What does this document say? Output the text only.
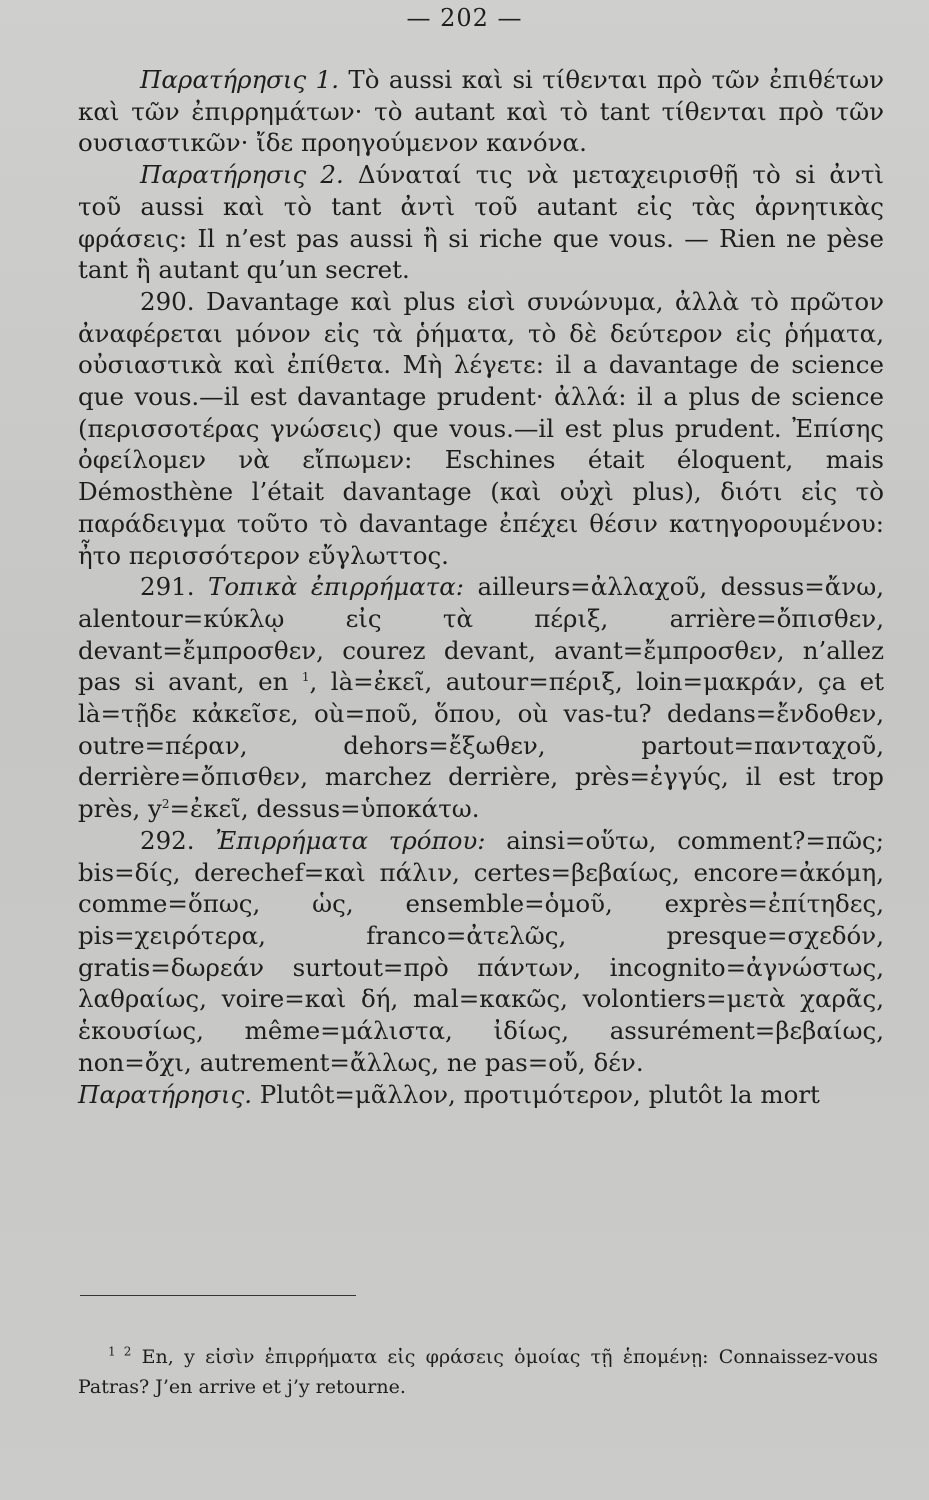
— 202 —

Παρατήρησις 1. Τὸ aussi καὶ si τίθενται πρὸ τῶν ἐπιθέτων καὶ τῶν ἐπιρρημάτων· τὸ autant καὶ τὸ tant τίθενται πρὸ τῶν ουσιαστικῶν· ἴδε προηγούμενον κανόνα.

Παρατήρησις 2. Δύναταί τις νὰ μεταχειρισθῇ τὸ si ἀντὶ τοῦ aussi καὶ τὸ tant ἀντὶ τοῦ autant εἰς τὰς ἀρνητικὰς φράσεις: Il n’est pas aussi ἢ si riche que vous. — Rien ne pèse tant ἢ autant qu’un secret.

290. Davantage καὶ plus εἰσὶ συνώνυμα, ἀλλὰ τὸ πρῶτον ἀναφέρεται μόνον εἰς τὰ ῥήματα, τὸ δὲ δεύτερον εἰς ῥήματα, οὐσιαστικὰ καὶ ἐπίθετα. Μὴ λέγετε: il a davantage de science que vous.—il est davantage prudent· ἀλλά: il a plus de science (περισσοτέρας γνώσεις) que vous.—il est plus prudent. Ἐπίσης ὀφείλομεν νὰ εἴπωμεν: Eschines était éloquent, mais Démosthène l’était davantage (καὶ οὐχὶ plus), διότι εἰς τὸ παράδειγμα τοῦτο τὸ davantage ἐπέχει θέσιν κατηγορουμένου: ἦτο περισσότερον εὔγλωττος.

291. Τοπικὰ ἐπιρρήματα: ailleurs=ἀλλαχοῦ, dessus=ἄνω, alentour=κύκλῳ εἰς τὰ πέριξ, arrière=ὄπισθεν, devant=ἔμπροσθεν, courez devant, avant=ἔμπροσθεν, n’allez pas si avant, en $^1$, là=ἐκεῖ, autour=πέριξ, loin=μακράν, ça et là=τῇδε κἀκεῖσε, où=ποῦ, ὅπου, où vas-tu? dedans=ἔνδοθεν, outre=πέραν, dehors=ἔξωθεν, partout=πανταχοῦ, derrière=ὄπισθεν, marchez derrière, près=ἐγγύς, il est trop près, $y^2=ἐ\kappa\varepsilon ῖ$, dessus=ὑποκάτω.

292. Ἐπιρρήματα τρόπου: ainsi=οὕτω, comment?=πῶς; bis=δίς, derechef=καὶ πάλιν, certes=βεβαίως, encore=ἀκόμη, comme=ὅπως, ὡς, ensemble=ὁμοῦ, exprès=ἐπίτηδες, pis=χειρότερα, franco=ἀτελῶς, presque=σχεδόν, gratis=δωρεάν surtout=πρὸ πάντων, incognito=ἀγνώστως, λαθραίως, voire=καὶ δή, mal=κακῶς, volontiers=μετὰ χαρᾶς, ἑκουσίως, même=μάλιστα, ἰδίως, assurément=βεβαίως, non=ὄχι, autrement=ἄλλως, ne pas=οὔ, δέν.

Παρατήρησις. Plutôt=μᾶλλον, προτιμότερον, plutôt la mort

$^{1 2}$ En, y εἰσὶν ἐπιρρήματα εἰς φράσεις ὁμοίας τῇ ἑπομένῃ: Connaissez-vous Patras? J’en arrive et j’y retourne.
